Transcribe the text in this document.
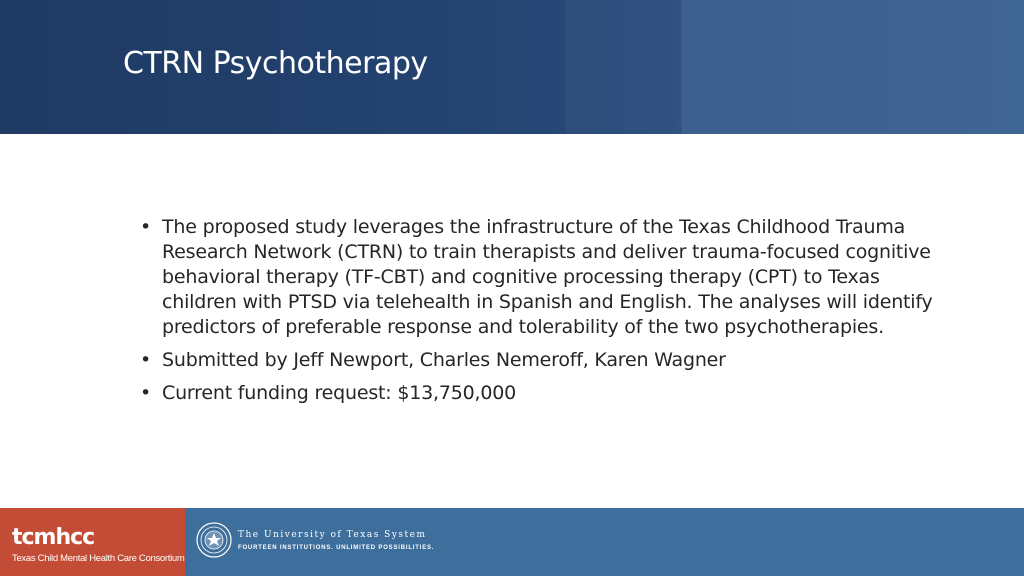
CTRN Psychotherapy
• The proposed study leverages the infrastructure of the Texas Childhood Trauma Research Network (CTRN) to train therapists and deliver trauma-focused cognitive behavioral therapy (TF-CBT) and cognitive processing therapy (CPT) to Texas children with PTSD via telehealth in Spanish and English. The analyses will identify predictors of preferable response and tolerability of the two psychotherapies.
• Submitted by Jeff Newport, Charles Nemeroff, Karen Wagner
• Current funding request: $13,750,000
tcmhcc
Texas Child Mental Health Care Consortium
The University of Texas System
FOURTEEN INSTITUTIONS. UNLIMITED POSSIBILITIES.
